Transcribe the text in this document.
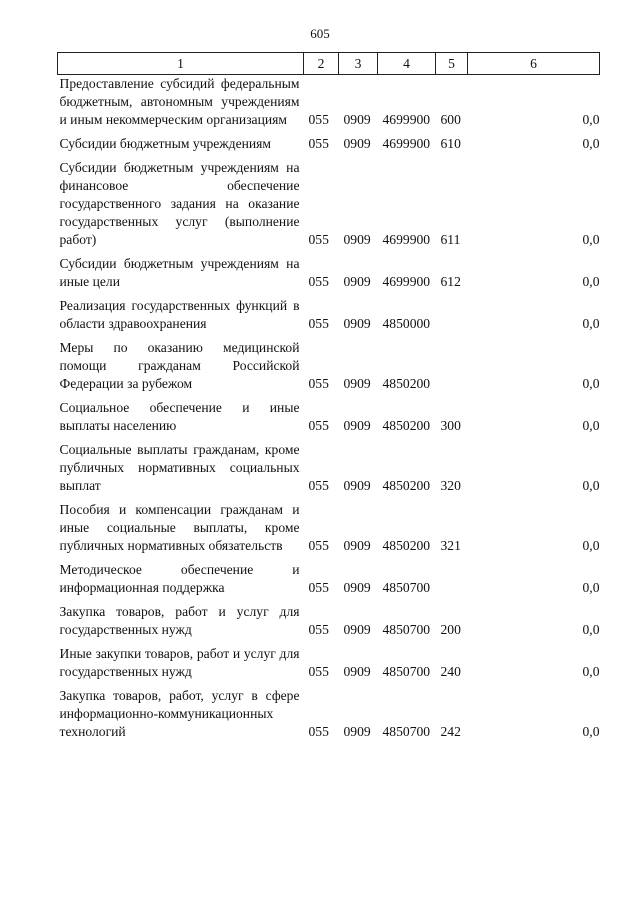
605
1	2	3	4	5	6
Предоставление субсидий федеральным бюджетным, автономным учреждениям и иным некоммерческим организациям	055	0909	4699900	600	0,0
Субсидии бюджетным учреждениям	055	0909	4699900	610	0,0
Субсидии бюджетным учреждениям на финансовое обеспечение государственного задания на оказание государственных услуг (выполнение работ)	055	0909	4699900	611	0,0
Субсидии бюджетным учреждениям на иные цели	055	0909	4699900	612	0,0
Реализация государственных функций в области здравоохранения	055	0909	4850000		0,0
Меры по оказанию медицинской помощи гражданам Российской Федерации за рубежом	055	0909	4850200		0,0
Социальное обеспечение и иные выплаты населению	055	0909	4850200	300	0,0
Социальные выплаты гражданам, кроме публичных нормативных социальных выплат	055	0909	4850200	320	0,0
Пособия и компенсации гражданам и иные социальные выплаты, кроме публичных нормативных обязательств	055	0909	4850200	321	0,0
Методическое обеспечение и информационная поддержка	055	0909	4850700		0,0
Закупка товаров, работ и услуг для государственных нужд	055	0909	4850700	200	0,0
Иные закупки товаров, работ и услуг для государственных нужд	055	0909	4850700	240	0,0
Закупка товаров, работ, услуг в сфере информационно-коммуникационных технологий	055	0909	4850700	242	0,0
